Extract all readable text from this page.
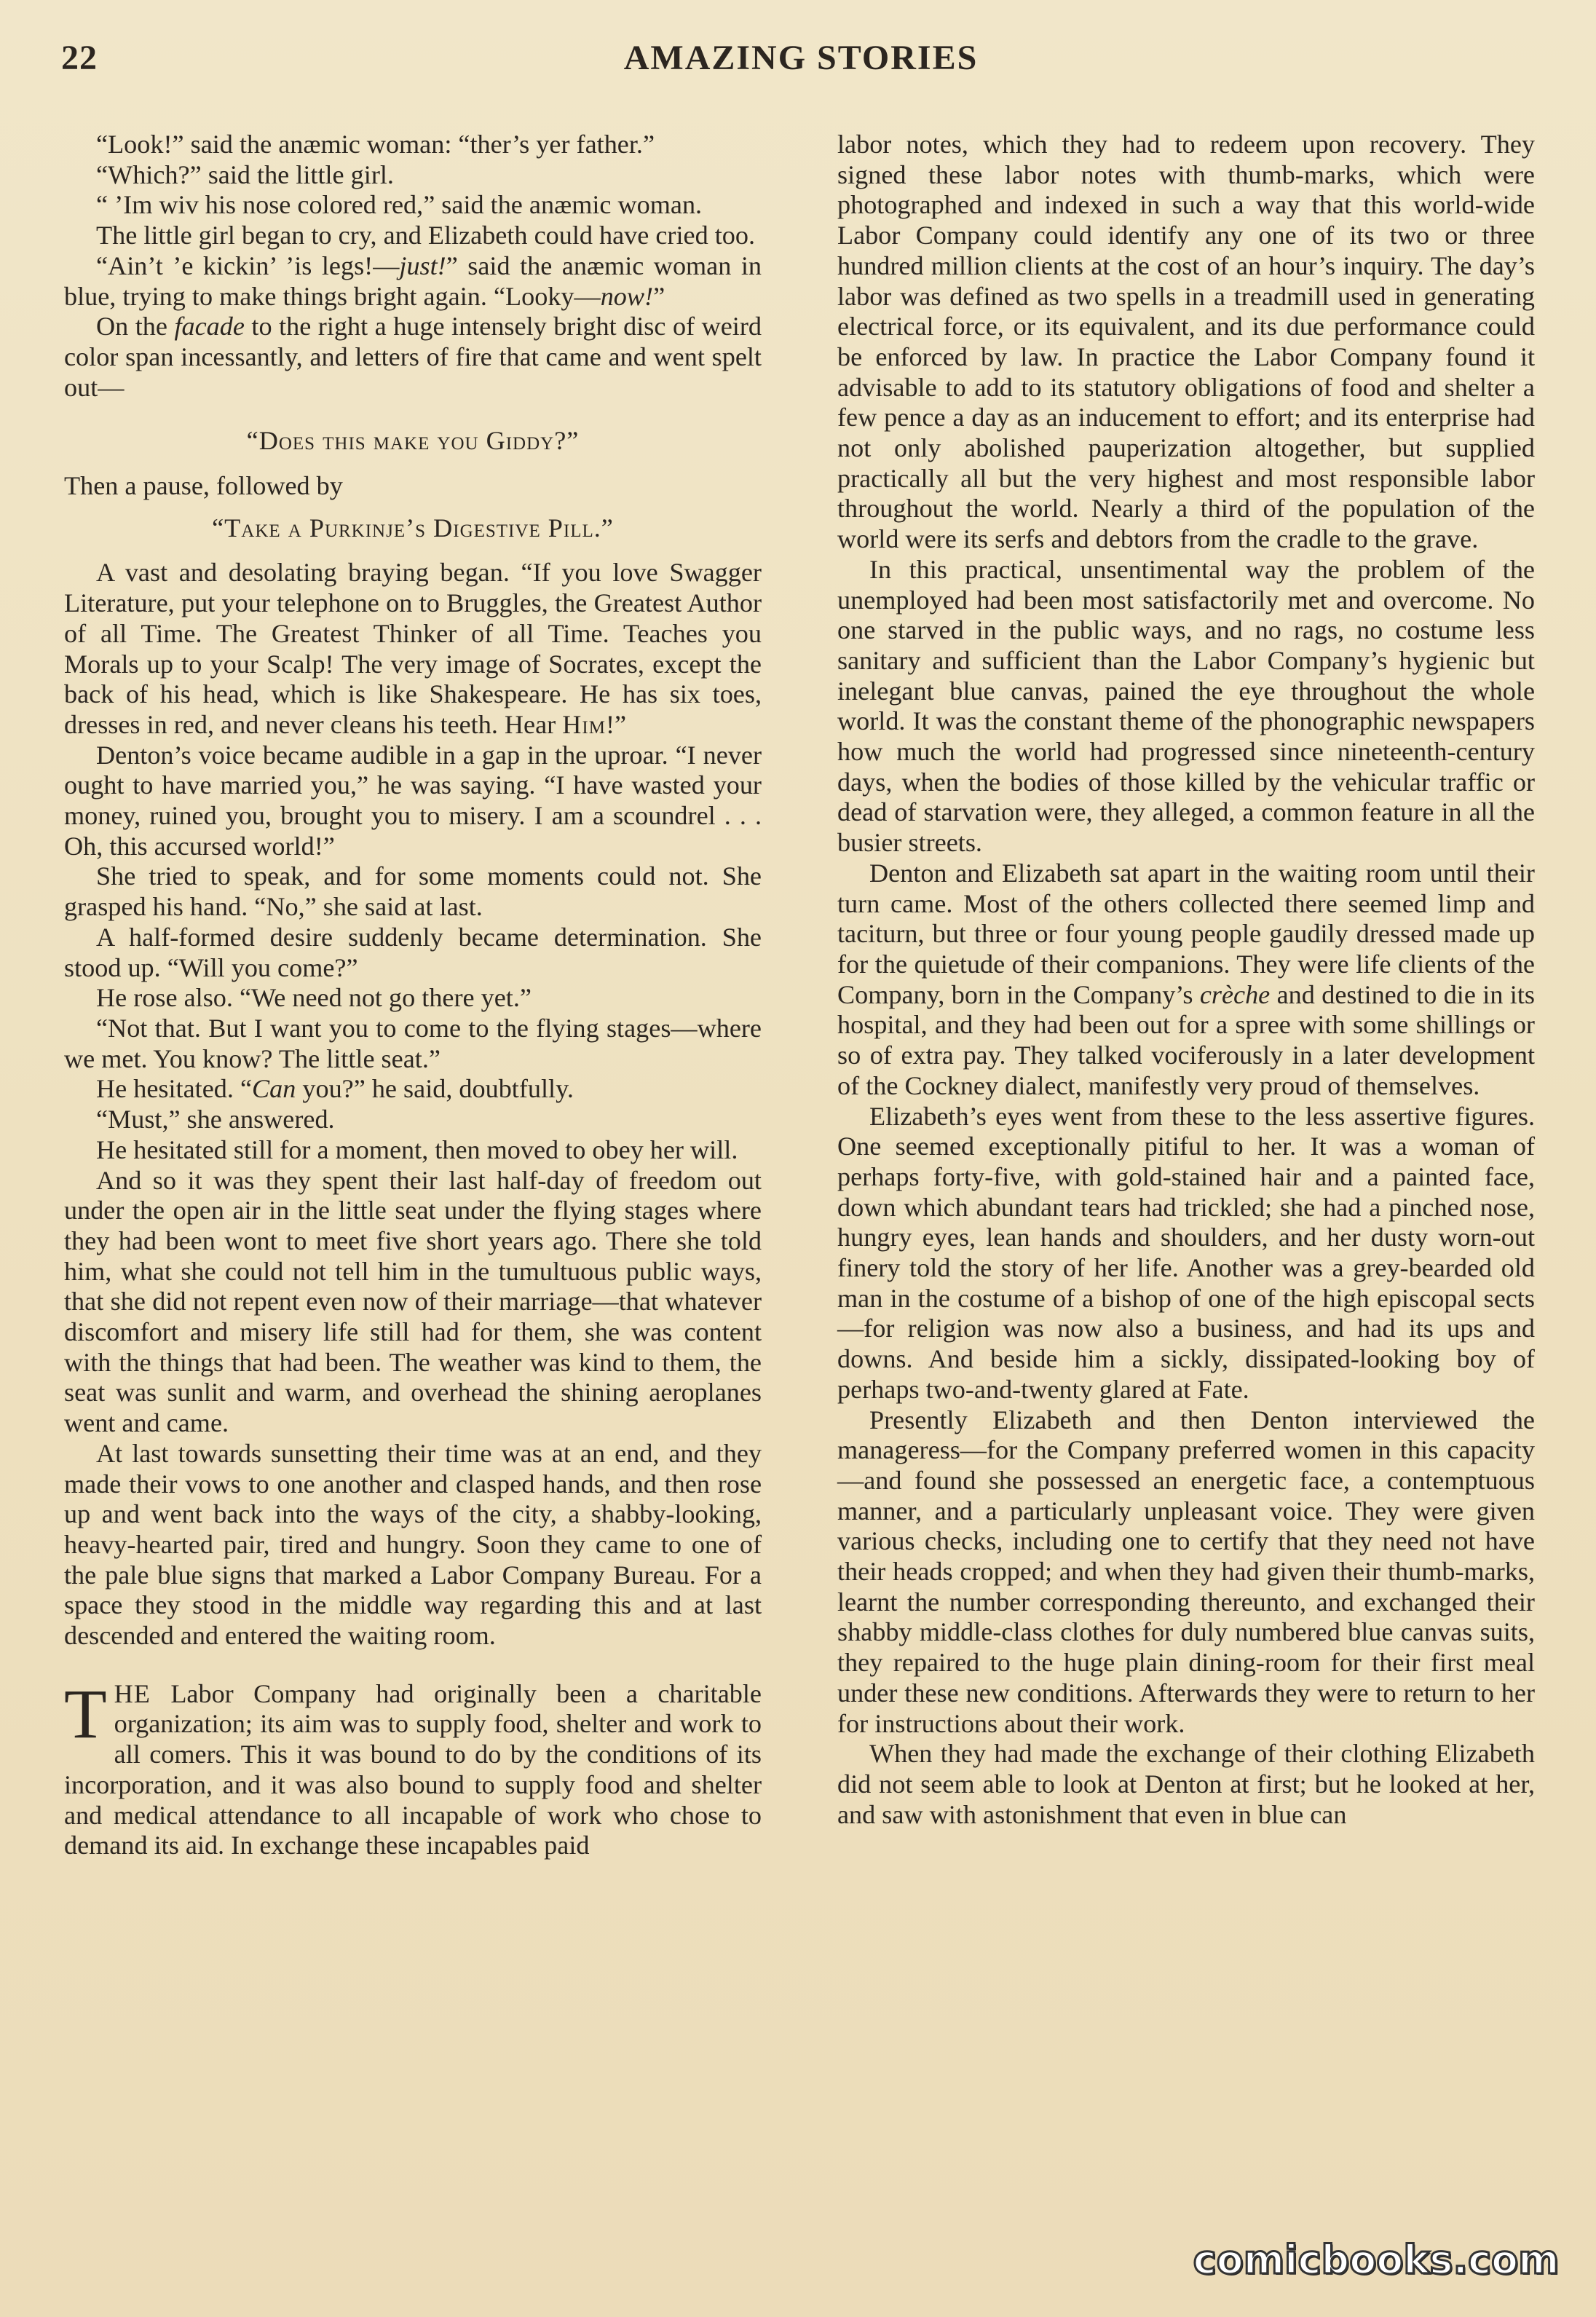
22	AMAZING STORIES

“Look!” said the anæmic woman: “ther’s yer father.”

“Which?” said the little girl.

“ ’Im wiv his nose colored red,” said the anæmic woman.

The little girl began to cry, and Elizabeth could have cried too.

“Ain’t ’e kickin’ ’is legs!—just!” said the anæmic woman in blue, trying to make things bright again. “Looky—now!”

On the facade to the right a huge intensely bright disc of weird color span incessantly, and letters of fire that came and went spelt out—

“Does this make you Giddy?”

Then a pause, followed by

“Take a Purkinje’s Digestive Pill.”

A vast and desolating braying began. “If you love Swagger Literature, put your telephone on to Bruggles, the Greatest Author of all Time. The Greatest Thinker of all Time. Teaches you Morals up to your Scalp! The very image of Socrates, except the back of his head, which is like Shakespeare. He has six toes, dresses in red, and never cleans his teeth. Hear Him!”

Denton’s voice became audible in a gap in the uproar. “I never ought to have married you,” he was saying. “I have wasted your money, ruined you, brought you to misery. I am a scoundrel . . . Oh, this accursed world!”

She tried to speak, and for some moments could not. She grasped his hand. “No,” she said at last.

A half-formed desire suddenly became determination. She stood up. “Will you come?”

He rose also. “We need not go there yet.”

“Not that. But I want you to come to the flying stages—where we met. You know? The little seat.”

He hesitated. “Can you?” he said, doubtfully.

“Must,” she answered.

He hesitated still for a moment, then moved to obey her will.

And so it was they spent their last half-day of freedom out under the open air in the little seat under the flying stages where they had been wont to meet five short years ago. There she told him, what she could not tell him in the tumultuous public ways, that she did not repent even now of their marriage—that whatever discomfort and misery life still had for them, she was content with the things that had been. The weather was kind to them, the seat was sunlit and warm, and overhead the shining aeroplanes went and came.

At last towards sunsetting their time was at an end, and they made their vows to one another and clasped hands, and then rose up and went back into the ways of the city, a shabby-looking, heavy-hearted pair, tired and hungry. Soon they came to one of the pale blue signs that marked a Labor Company Bureau. For a space they stood in the middle way regarding this and at last descended and entered the waiting room.

THE Labor Company had originally been a charitable organization; its aim was to supply food, shelter and work to all comers. This it was bound to do by the conditions of its incorporation, and it was also bound to supply food and shelter and medical attendance to all incapable of work who chose to demand its aid. In exchange these incapables paid

labor notes, which they had to redeem upon recovery. They signed these labor notes with thumb-marks, which were photographed and indexed in such a way that this world-wide Labor Company could identify any one of its two or three hundred million clients at the cost of an hour’s inquiry. The day’s labor was defined as two spells in a treadmill used in generating electrical force, or its equivalent, and its due performance could be enforced by law. In practice the Labor Company found it advisable to add to its statutory obligations of food and shelter a few pence a day as an inducement to effort; and its enterprise had not only abolished pauperization altogether, but supplied practically all but the very highest and most responsible labor throughout the world. Nearly a third of the population of the world were its serfs and debtors from the cradle to the grave.

In this practical, unsentimental way the problem of the unemployed had been most satisfactorily met and overcome. No one starved in the public ways, and no rags, no costume less sanitary and sufficient than the Labor Company’s hygienic but inelegant blue canvas, pained the eye throughout the whole world. It was the constant theme of the phonographic newspapers how much the world had progressed since nineteenth-century days, when the bodies of those killed by the vehicular traffic or dead of starvation were, they alleged, a common feature in all the busier streets.

Denton and Elizabeth sat apart in the waiting room until their turn came. Most of the others collected there seemed limp and taciturn, but three or four young people gaudily dressed made up for the quietude of their companions. They were life clients of the Company, born in the Company’s crèche and destined to die in its hospital, and they had been out for a spree with some shillings or so of extra pay. They talked vociferously in a later development of the Cockney dialect, manifestly very proud of themselves.

Elizabeth’s eyes went from these to the less assertive figures. One seemed exceptionally pitiful to her. It was a woman of perhaps forty-five, with gold-stained hair and a painted face, down which abundant tears had trickled; she had a pinched nose, hungry eyes, lean hands and shoulders, and her dusty worn-out finery told the story of her life. Another was a grey-bearded old man in the costume of a bishop of one of the high episcopal sects—for religion was now also a business, and had its ups and downs. And beside him a sickly, dissipated-looking boy of perhaps two-and-twenty glared at Fate.

Presently Elizabeth and then Denton interviewed the manageress—for the Company preferred women in this capacity—and found she possessed an energetic face, a contemptuous manner, and a particularly unpleasant voice. They were given various checks, including one to certify that they need not have their heads cropped; and when they had given their thumb-marks, learnt the number corresponding thereunto, and exchanged their shabby middle-class clothes for duly numbered blue canvas suits, they repaired to the huge plain dining-room for their first meal under these new conditions. Afterwards they were to return to her for instructions about their work.

When they had made the exchange of their clothing Elizabeth did not seem able to look at Denton at first; but he looked at her, and saw with astonishment that even in blue can

comicbooks.com
